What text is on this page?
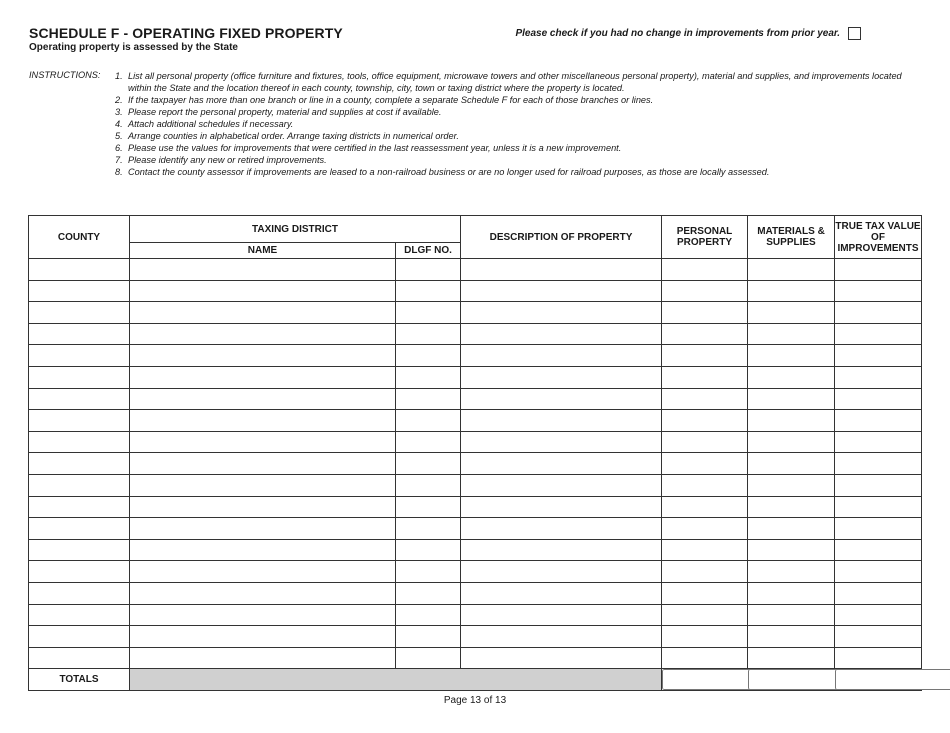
SCHEDULE F - OPERATING FIXED PROPERTY
Operating property is assessed by the State
Please check if you had no change in improvements from prior year.
INSTRUCTIONS: 1. List all personal property (office furniture and fixtures, tools, office equipment, microwave towers and other miscellaneous personal property), material and supplies, and improvements located within the State and the location thereof in each county, township, city, town or taxing district where the property is located.
2. If the taxpayer has more than one branch or line in a county, complete a separate Schedule F for each of those branches or lines.
3. Please report the personal property, material and supplies at cost if available.
4. Attach additional schedules if necessary.
5. Arrange counties in alphabetical order. Arrange taxing districts in numerical order.
6. Please use the values for improvements that were certified in the last reassessment year, unless it is a new improvement.
7. Please identify any new or retired improvements.
8. Contact the county assessor if improvements are leased to a non-railroad business or are no longer used for railroad purposes, as those are locally assessed.
COUNTY	TAXING DISTRICT		DESCRIPTION OF PROPERTY	PERSONAL PROPERTY	MATERIALS & SUPPLIES	TRUE TAX VALUE OF IMPROVEMENTS
	NAME	DLGF NO.				

TOTALS				
Page 13 of 13
